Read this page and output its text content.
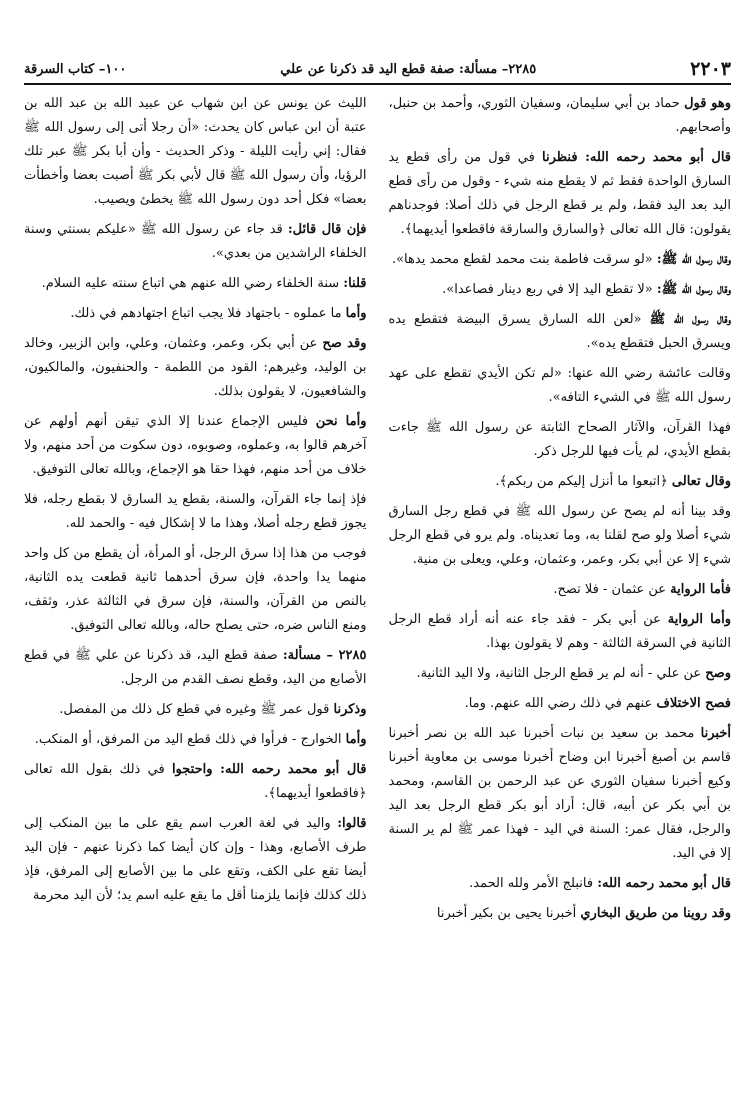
٢٢٠٣
٢٢٨٥– مسألة: صفة قطع اليد قد ذكرنا عن علي
١٠٠– كتاب السرقة

وهو قول حماد بن أبي سليمان، وسفيان الثوري، وأحمد بن حنبل، وأصحابهم.

قال أبو محمد رحمه الله: فنظرنا في قول من رأى قطع يد السارق الواحدة فقط ثم لا يقطع منه شيء - وقول من رأى قطع اليد بعد اليد فقط، ولم ير قطع الرجل في ذلك أصلا: فوجدناهم يقولون: قال الله تعالى ﴿والسارق والسارقة فاقطعوا أيديهما﴾.

وقال رسول الله ﷺ: «لو سرقت فاطمة بنت محمد لقطع محمد يدها».

وقال رسول الله ﷺ: «لا تقطع اليد إلا في ربع دينار فصاعدا».

وقال رسول الله ﷺ «لعن الله السارق يسرق البيضة فتقطع يده ويسرق الحبل فتقطع يده».

وقالت عائشة رضي الله عنها: «لم تكن الأيدي تقطع على عهد رسول الله ﷺ في الشيء التافه».

فهذا القرآن، والآثار الصحاح الثابتة عن رسول الله ﷺ جاءت بقطع الأيدي، لم يأت فيها للرجل ذكر.

وقال تعالى ﴿اتبعوا ما أنزل إليكم من ربكم﴾.

وقد بينا أنه لم يصح عن رسول الله ﷺ في قطع رجل السارق شيء أصلا ولو صح لقلنا به، وما تعديناه. ولم يرو في قطع الرجل شيء إلا عن أبي بكر، وعمر، وعثمان، وعلي، ويعلى بن منية.

فأما الرواية عن عثمان - فلا تصح.

وأما الرواية عن أبي بكر - فقد جاء عنه أنه أراد قطع الرجل الثانية في السرقة الثالثة - وهم لا يقولون بهذا.

وصح عن علي - أنه لم ير قطع الرجل الثانية، ولا اليد الثانية.

فصح الاختلاف عنهم في ذلك رضي الله عنهم. وما.

أخبرنا محمد بن سعيد بن نبات أخبرنا عبد الله بن نصر أخبرنا قاسم بن أصبغ أخبرنا ابن وضاح أخبرنا موسى بن معاوية أخبرنا وكيع أخبرنا سفيان الثوري عن عبد الرحمن بن القاسم، ومحمد بن أبي بكر عن أبيه، قال: أراد أبو بكر قطع الرجل بعد اليد والرجل، فقال عمر: السنة في اليد - فهذا عمر ﷺ لم ير السنة إلا في اليد.

قال أبو محمد رحمه الله: فانبلج الأمر ولله الحمد.

وقد روينا من طريق البخاري أخبرنا يحيى بن بكير أخبرنا

الليث عن يونس عن ابن شهاب عن عبيد الله بن عبد الله بن عتبة أن ابن عباس كان يحدث: «أن رجلا أتى إلى رسول الله ﷺ فقال: إني رأيت الليلة - وذكر الحديث - وأن أبا بكر ﷺ عبر تلك الرؤيا، وأن رسول الله ﷺ قال لأبي بكر ﷺ أصبت بعضا وأخطأت بعضا» فكل أحد دون رسول الله ﷺ يخطئ ويصيب.

فإن قال قائل: قد جاء عن رسول الله ﷺ «عليكم بسنتي وسنة الخلفاء الراشدين من بعدي».

قلنا: سنة الخلفاء رضي الله عنهم هي اتباع سنته عليه السلام.

وأما ما عملوه - باجتهاد فلا يجب اتباع اجتهادهم في ذلك.

وقد صح عن أبي بكر، وعمر، وعثمان، وعلي، وابن الزبير، وخالد بن الوليد، وغيرهم: القود من اللطمة - والحنفيون، والمالكيون، والشافعيون، لا يقولون بذلك.

وأما نحن فليس الإجماع عندنا إلا الذي تيقن أنهم أولهم عن آخرهم قالوا به، وعملوه، وصوبوه، دون سكوت من أحد منهم، ولا خلاف من أحد منهم، فهذا حقا هو الإجماع، وبالله تعالى التوفيق.

فإذ إنما جاء القرآن، والسنة، بقطع يد السارق لا بقطع رجله، فلا يجوز قطع رجله أصلا، وهذا ما لا إشكال فيه - والحمد لله.

فوجب من هذا إذا سرق الرجل، أو المرأة، أن يقطع من كل واحد منهما يدا واحدة، فإن سرق أحدهما ثانية قطعت يده الثانية، بالنص من القرآن، والسنة، فإن سرق في الثالثة عذر، وثقف، ومنع الناس ضره، حتى يصلح حاله، وبالله تعالى التوفيق.

٢٢٨٥ – مسألة: صفة قطع اليد، قد ذكرنا عن علي ﷺ في قطع الأصابع من اليد، وقطع نصف القدم من الرجل.

وذكرنا قول عمر ﷺ وغيره في قطع كل ذلك من المفصل.

وأما الخوارج - فرأوا في ذلك قطع اليد من المرفق، أو المنكب.

قال أبو محمد رحمه الله: واحتجوا في ذلك بقول الله تعالى ﴿فاقطعوا أيديهما﴾.

قالوا: واليد في لغة العرب اسم يقع على ما بين المنكب إلى طرف الأصابع، وهذا - وإن كان أيضا كما ذكرنا عنهم - فإن اليد أيضا تقع على الكف، وتقع على ما بين الأصابع إلى المرفق، فإذ ذلك كذلك فإنما يلزمنا أقل ما يقع عليه اسم يد؛ لأن اليد محرمة
